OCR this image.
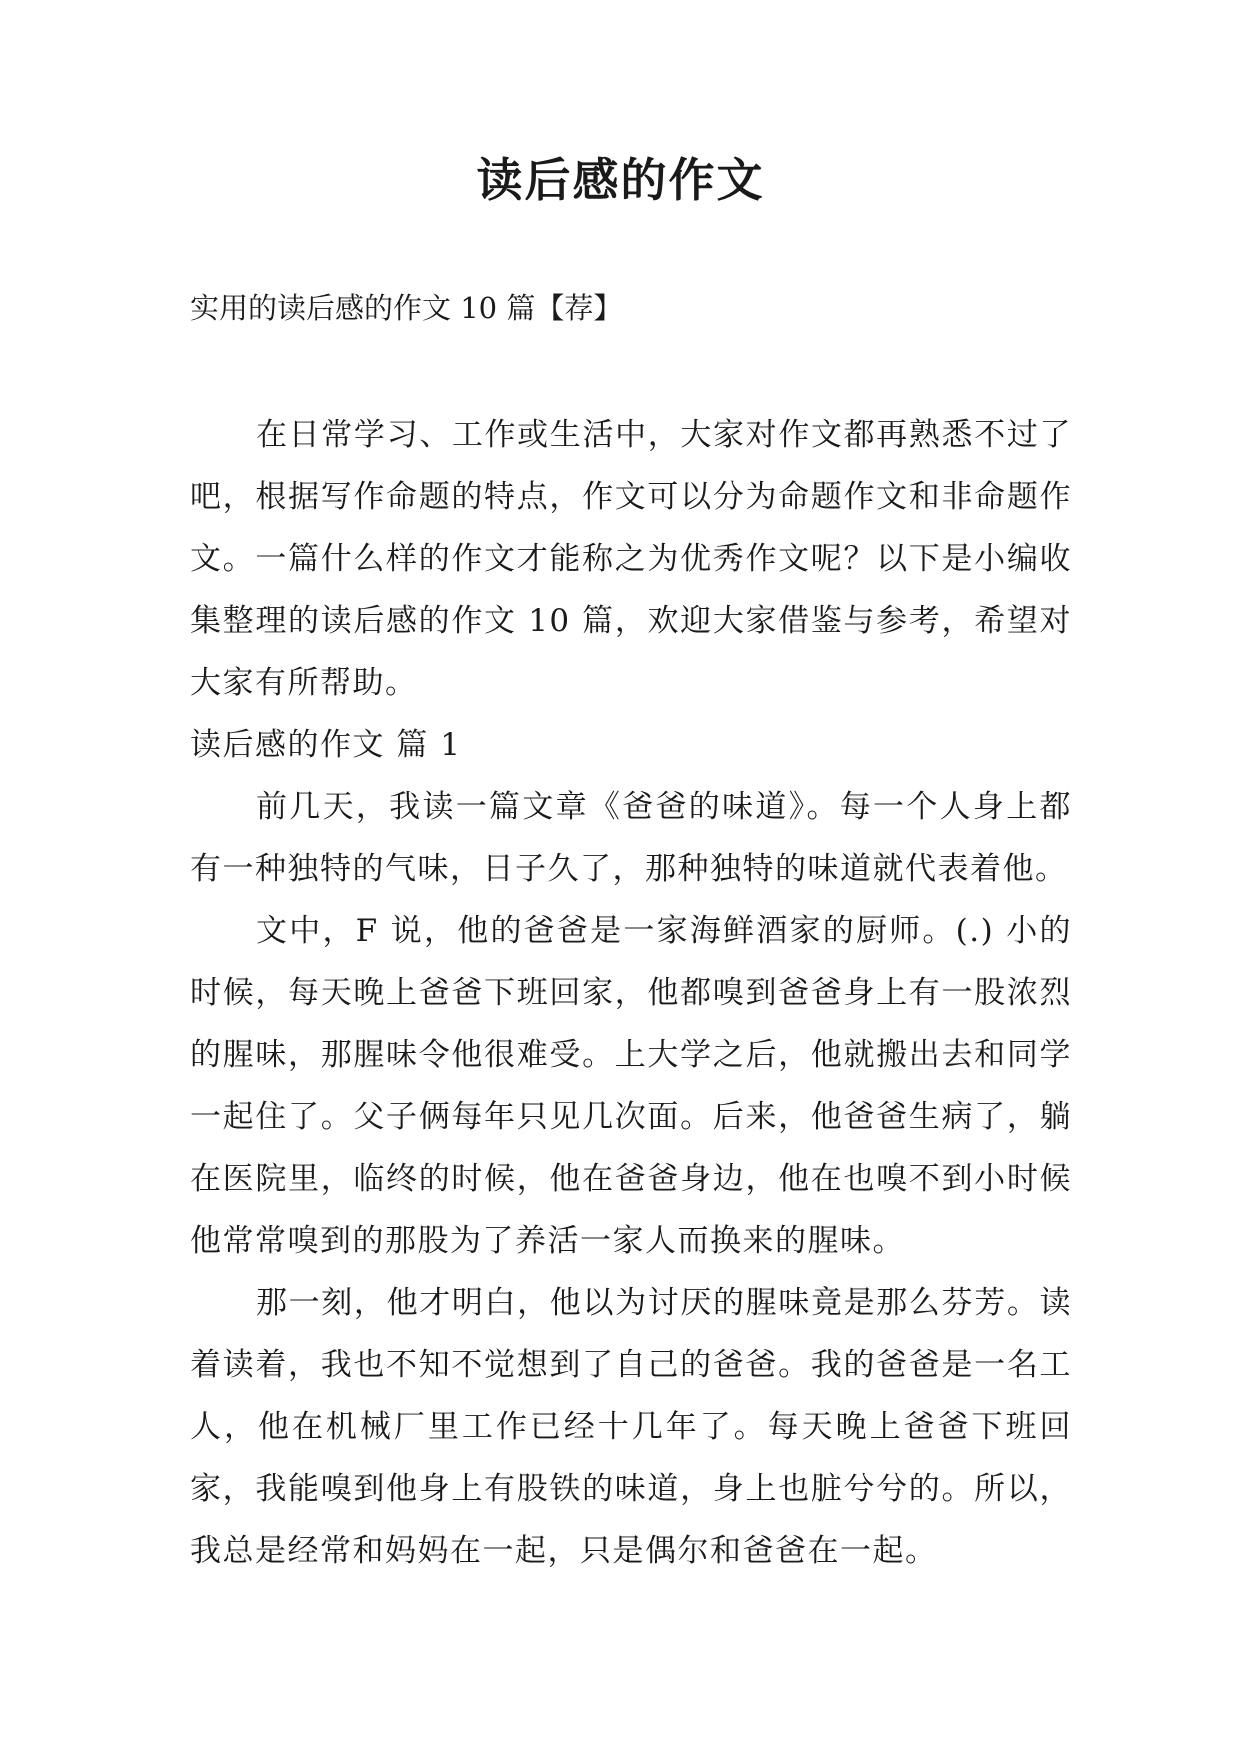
读后感的作文
实用的读后感的作文 10 篇【荐】

在日常学习、工作或生活中，大家对作文都再熟悉不过了吧，根据写作命题的特点，作文可以分为命题作文和非命题作文。一篇什么样的作文才能称之为优秀作文呢？以下是小编收集整理的读后感的作文 10 篇，欢迎大家借鉴与参考，希望对大家有所帮助。

读后感的作文 篇 1

前几天，我读一篇文章《爸爸的味道》。每一个人身上都有一种独特的气味，日子久了，那种独特的味道就代表着他。

文中，F 说，他的爸爸是一家海鲜酒家的厨师。(.) 小的时候，每天晚上爸爸下班回家，他都嗅到爸爸身上有一股浓烈的腥味，那腥味令他很难受。上大学之后，他就搬出去和同学一起住了。父子俩每年只见几次面。后来，他爸爸生病了，躺在医院里，临终的时候，他在爸爸身边，他在也嗅不到小时候他常常嗅到的那股为了养活一家人而换来的腥味。

那一刻，他才明白，他以为讨厌的腥味竟是那么芬芳。读着读着，我也不知不觉想到了自己的爸爸。我的爸爸是一名工人，他在机械厂里工作已经十几年了。每天晚上爸爸下班回家，我能嗅到他身上有股铁的味道，身上也脏兮兮的。所以，我总是经常和妈妈在一起，只是偶尔和爸爸在一起。
